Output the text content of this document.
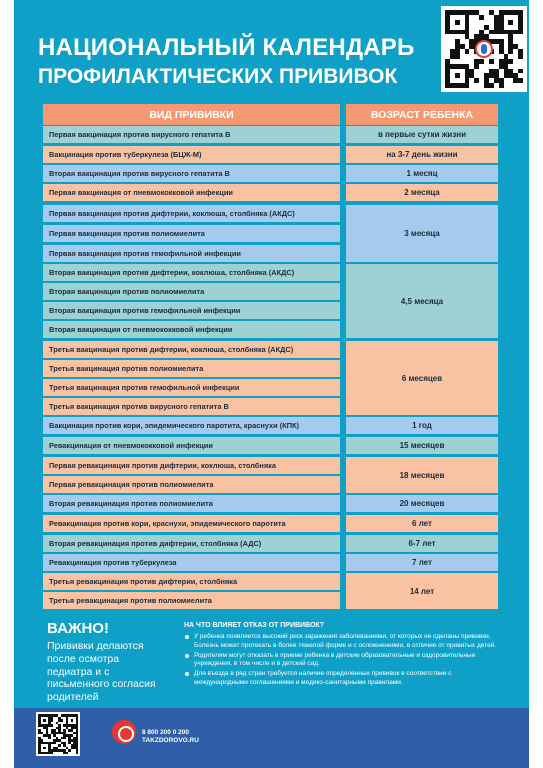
НАЦИОНАЛЬНЫЙ КАЛЕНДАРЬ
ПРОФИЛАКТИЧЕСКИХ ПРИВИВОК
ВИД ПРИВИВКИ	ВОЗРАСТ РЕБЕНКА
Первая вакцинация против вирусного гепатита В
Вакцинация против туберкулеза (БЦЖ-М)
Вторая вакцинация против вирусного гепатита В
Первая вакцинация от пневмококковой инфекции
Первая вакцинация против дифтерии, коклюша, столбняка (АКДС)
Первая вакцинация против полиомиелита
Первая вакцинация против гемофильной инфекции
Вторая вакцинация против дифтерии, коклюша, столбняка (АКДС)
Вторая вакцинация против полиомиелита
Вторая вакцинация против гемофильной инфекции
Вторая вакцинация от пневмококковой инфекции
Третья вакцинация против дифтерии, коклюша, столбняка (АКДС)
Третья вакцинация против полиомиелита
Третья вакцинация против гемофильной инфекции
Третья вакцинация против вирусного гепатита В
Вакцинация против кори, эпидемического паротита, краснухи (КПК)
Ревакцинация от пневмококковой инфекции
Первая ревакцинация против дифтерии, коклюша, столбняка
Первая ревакцинация против полиомиелита
Вторая ревакцинация против полиомиелита
Ревакцинация против кори, краснухи, эпидемического паротита
Вторая ревакцинация против дифтерии, столбняка (АДС)
Ревакцинация против туберкулеза
Третья ревакцинация против дифтерии, столбняка
Третья ревакцинация против полиомиелита
в первые сутки жизни
на 3-7 день жизни
1 месяц
2 месяца
3 месяца
4,5 месяца
6 месяцев
1 год
15 месяцев
18 месяцев
20 месяцев
6 лет
6-7 лет
7 лет
14 лет
ВАЖНО!
Прививки делаются после осмотра педиатра и с письменного согласия родителей
НА ЧТО ВЛИЯЕТ ОТКАЗ ОТ ПРИВИВОК?
У ребенка появляется высокий риск заражения заболеваниями, от которых не сделаны прививки. Болезнь может протекать в более тяжелой форме и с осложнениями, в отличие от привитых детей.
Родителям могут отказать в приеме ребенка в детские образовательные и оздоровительные учреждения, в том числе и в детский сад.
Для въезда в ряд стран требуется наличие определенных прививок в соответствии с международными соглашениями и медико-санитарными правилами.
8 800 200 0 200
TAKZDOROVO.RU
